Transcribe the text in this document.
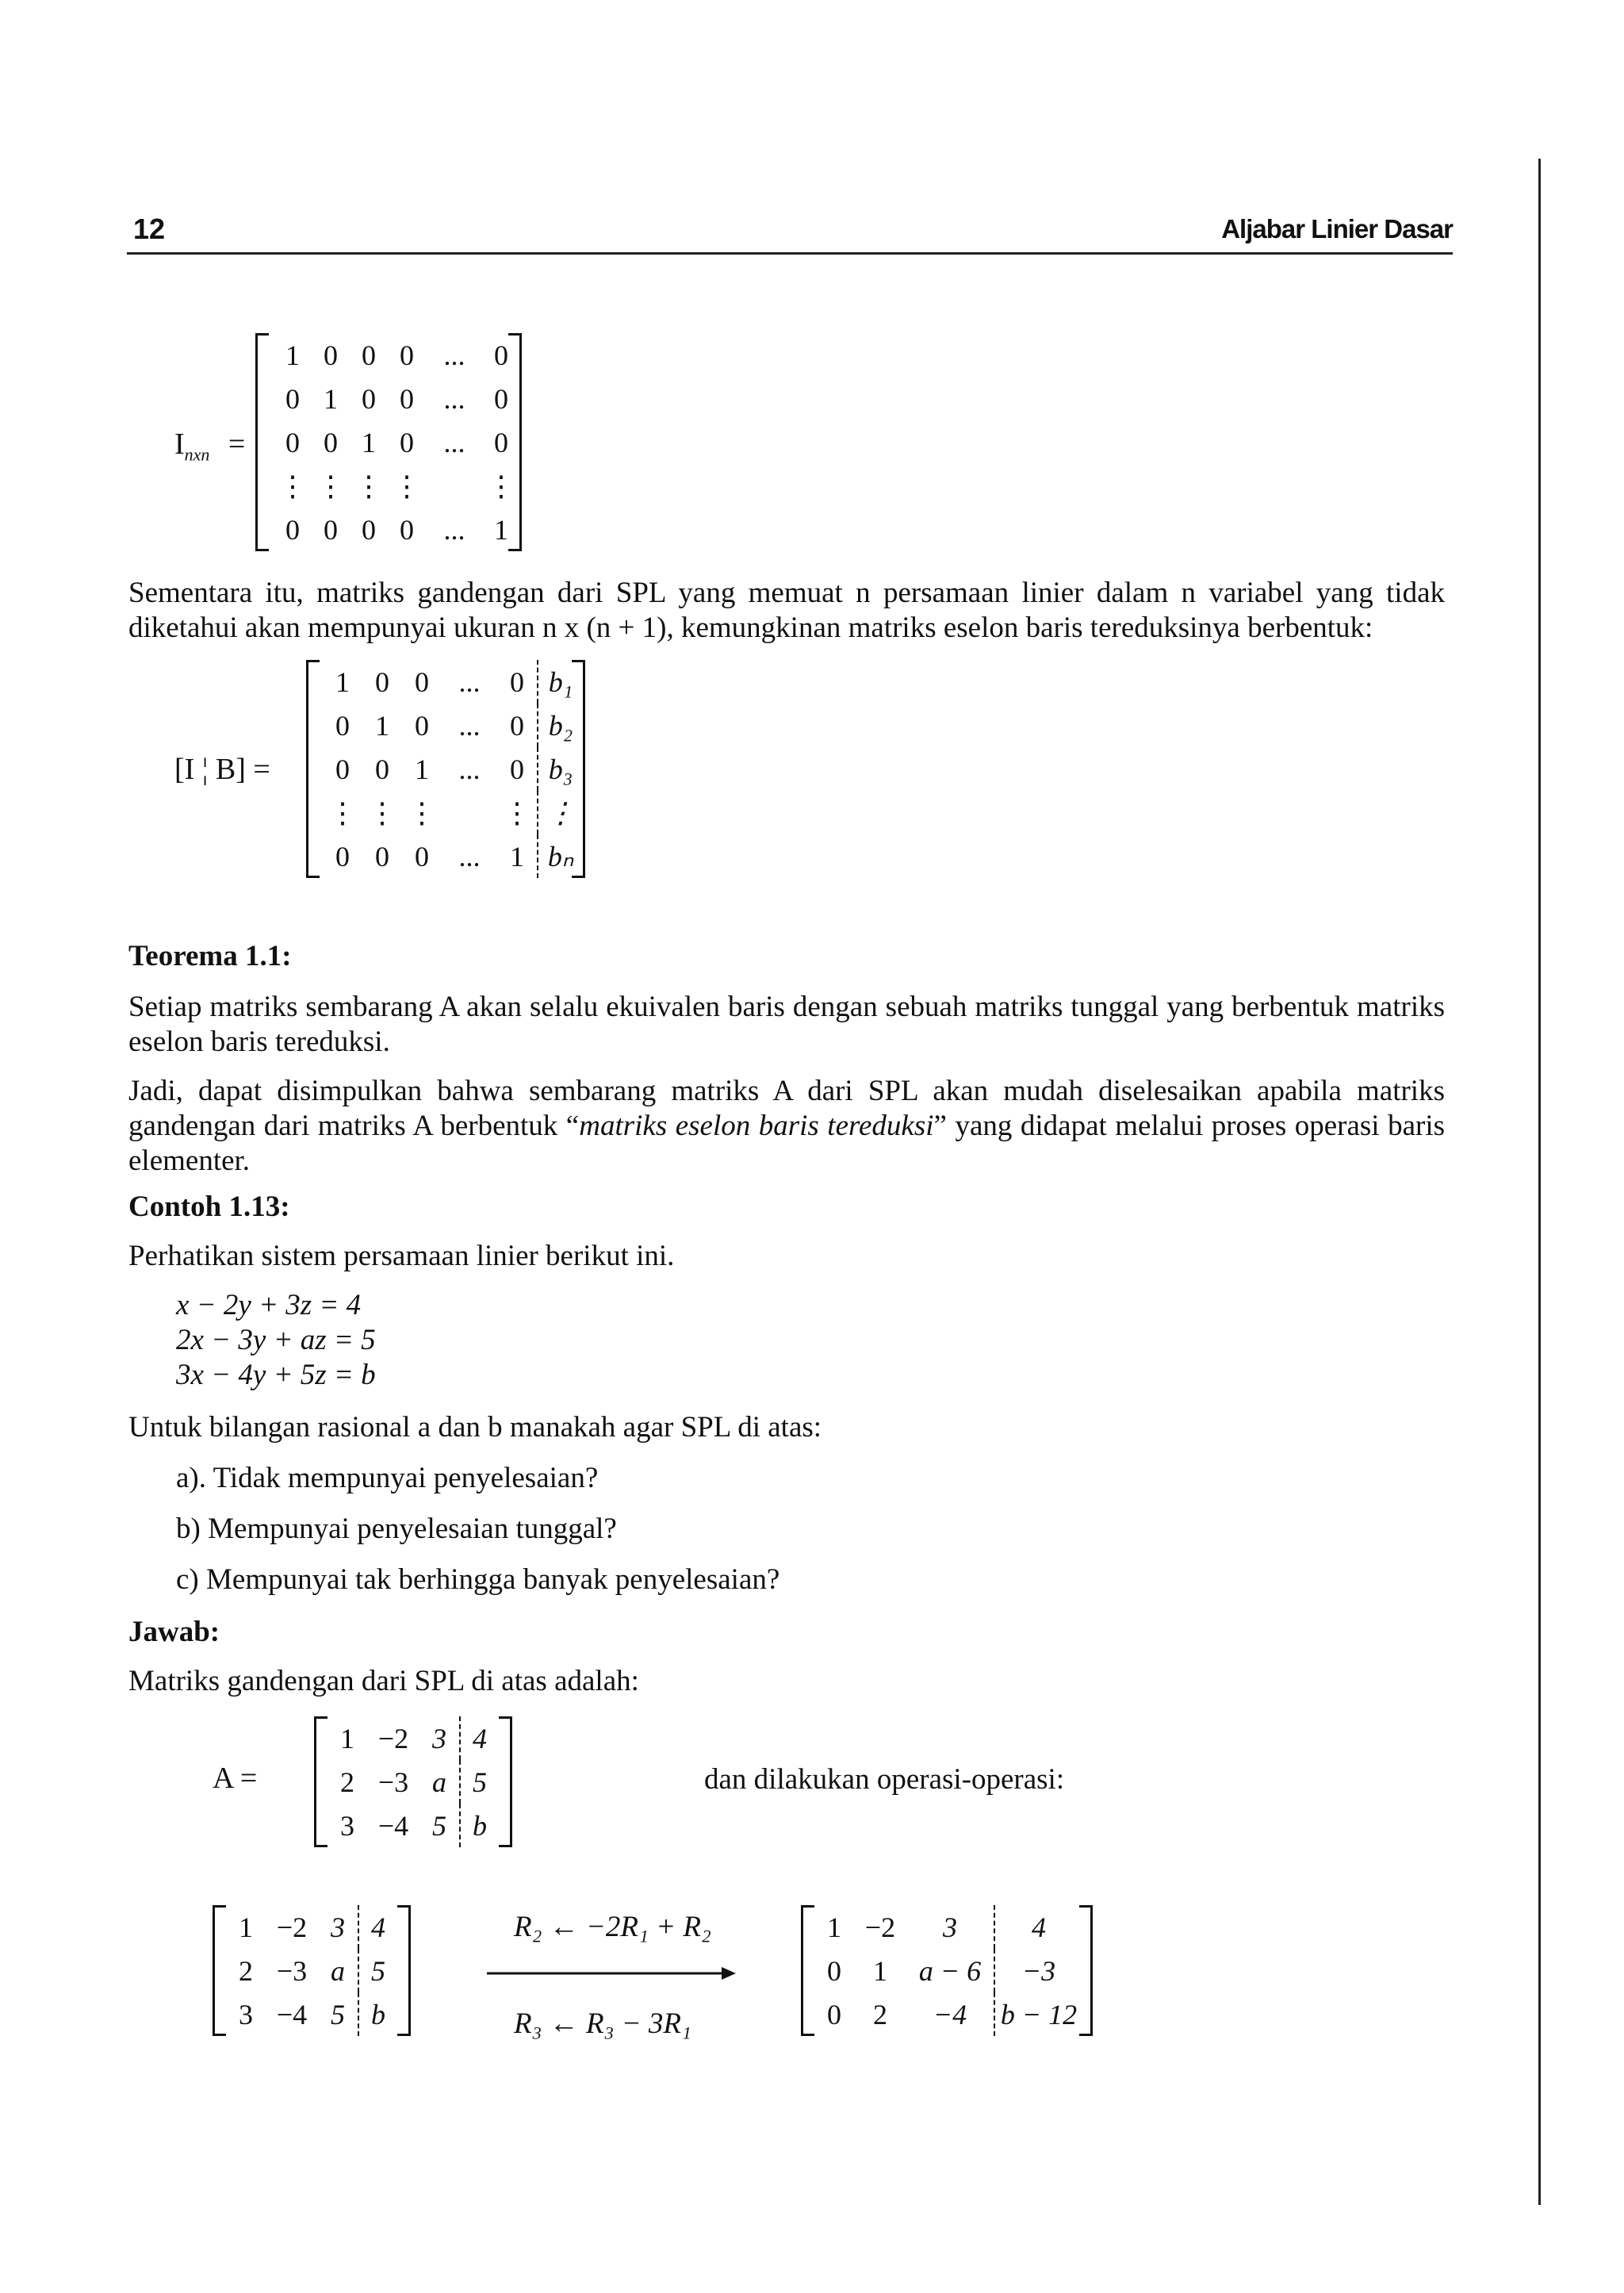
12	Aljabar Linier Dasar
$I_{nxn}$ =
1	0	0	0	...	0
0	1	0	0	...	0
0	0	1	0	...	0
⋮	⋮	⋮	⋮		⋮
0	0	0	0	...	1
Sementara itu, matriks gandengan dari SPL yang memuat n persamaan linier dalam n variabel yang tidak diketahui akan mempunyai ukuran n x (n + 1), kemungkinan matriks eselon baris tereduksinya berbentuk:
[I ¦ B] =
1	0	0	...	0	b₁
0	1	0	...	0	b₂
0	0	1	...	0	b₃
⋮	⋮	⋮		⋮	⋮
0	0	0	...	1	bₙ
Teorema 1.1:
Setiap matriks sembarang A akan selalu ekuivalen baris dengan sebuah matriks tunggal yang berbentuk matriks eselon baris tereduksi.
Jadi, dapat disimpulkan bahwa sembarang matriks A dari SPL akan mudah diselesaikan apabila matriks gandengan dari matriks A berbentuk “matriks eselon baris tereduksi” yang didapat melalui proses operasi baris elementer.
Contoh 1.13:
Perhatikan sistem persamaan linier berikut ini.
x − 2y + 3z = 4
2x − 3y + az = 5
3x − 4y + 5z = b
Untuk bilangan rasional a dan b manakah agar SPL di atas:
a). Tidak mempunyai penyelesaian?
b) Mempunyai penyelesaian tunggal?
c) Mempunyai tak berhingga banyak penyelesaian?
Jawab:
Matriks gandengan dari SPL di atas adalah:
A =
1	−2	3	4
2	−3	a	5
3	−4	5	b
dan dilakukan operasi-operasi:
1	−2	3	4
2	−3	a	5
3	−4	5	b
R₂ ← −2R₁ + R₂
R₃ ← R₃ − 3R₁
1	−2	3	4
0	1	a − 6	−3
0	2	−4	b − 12
